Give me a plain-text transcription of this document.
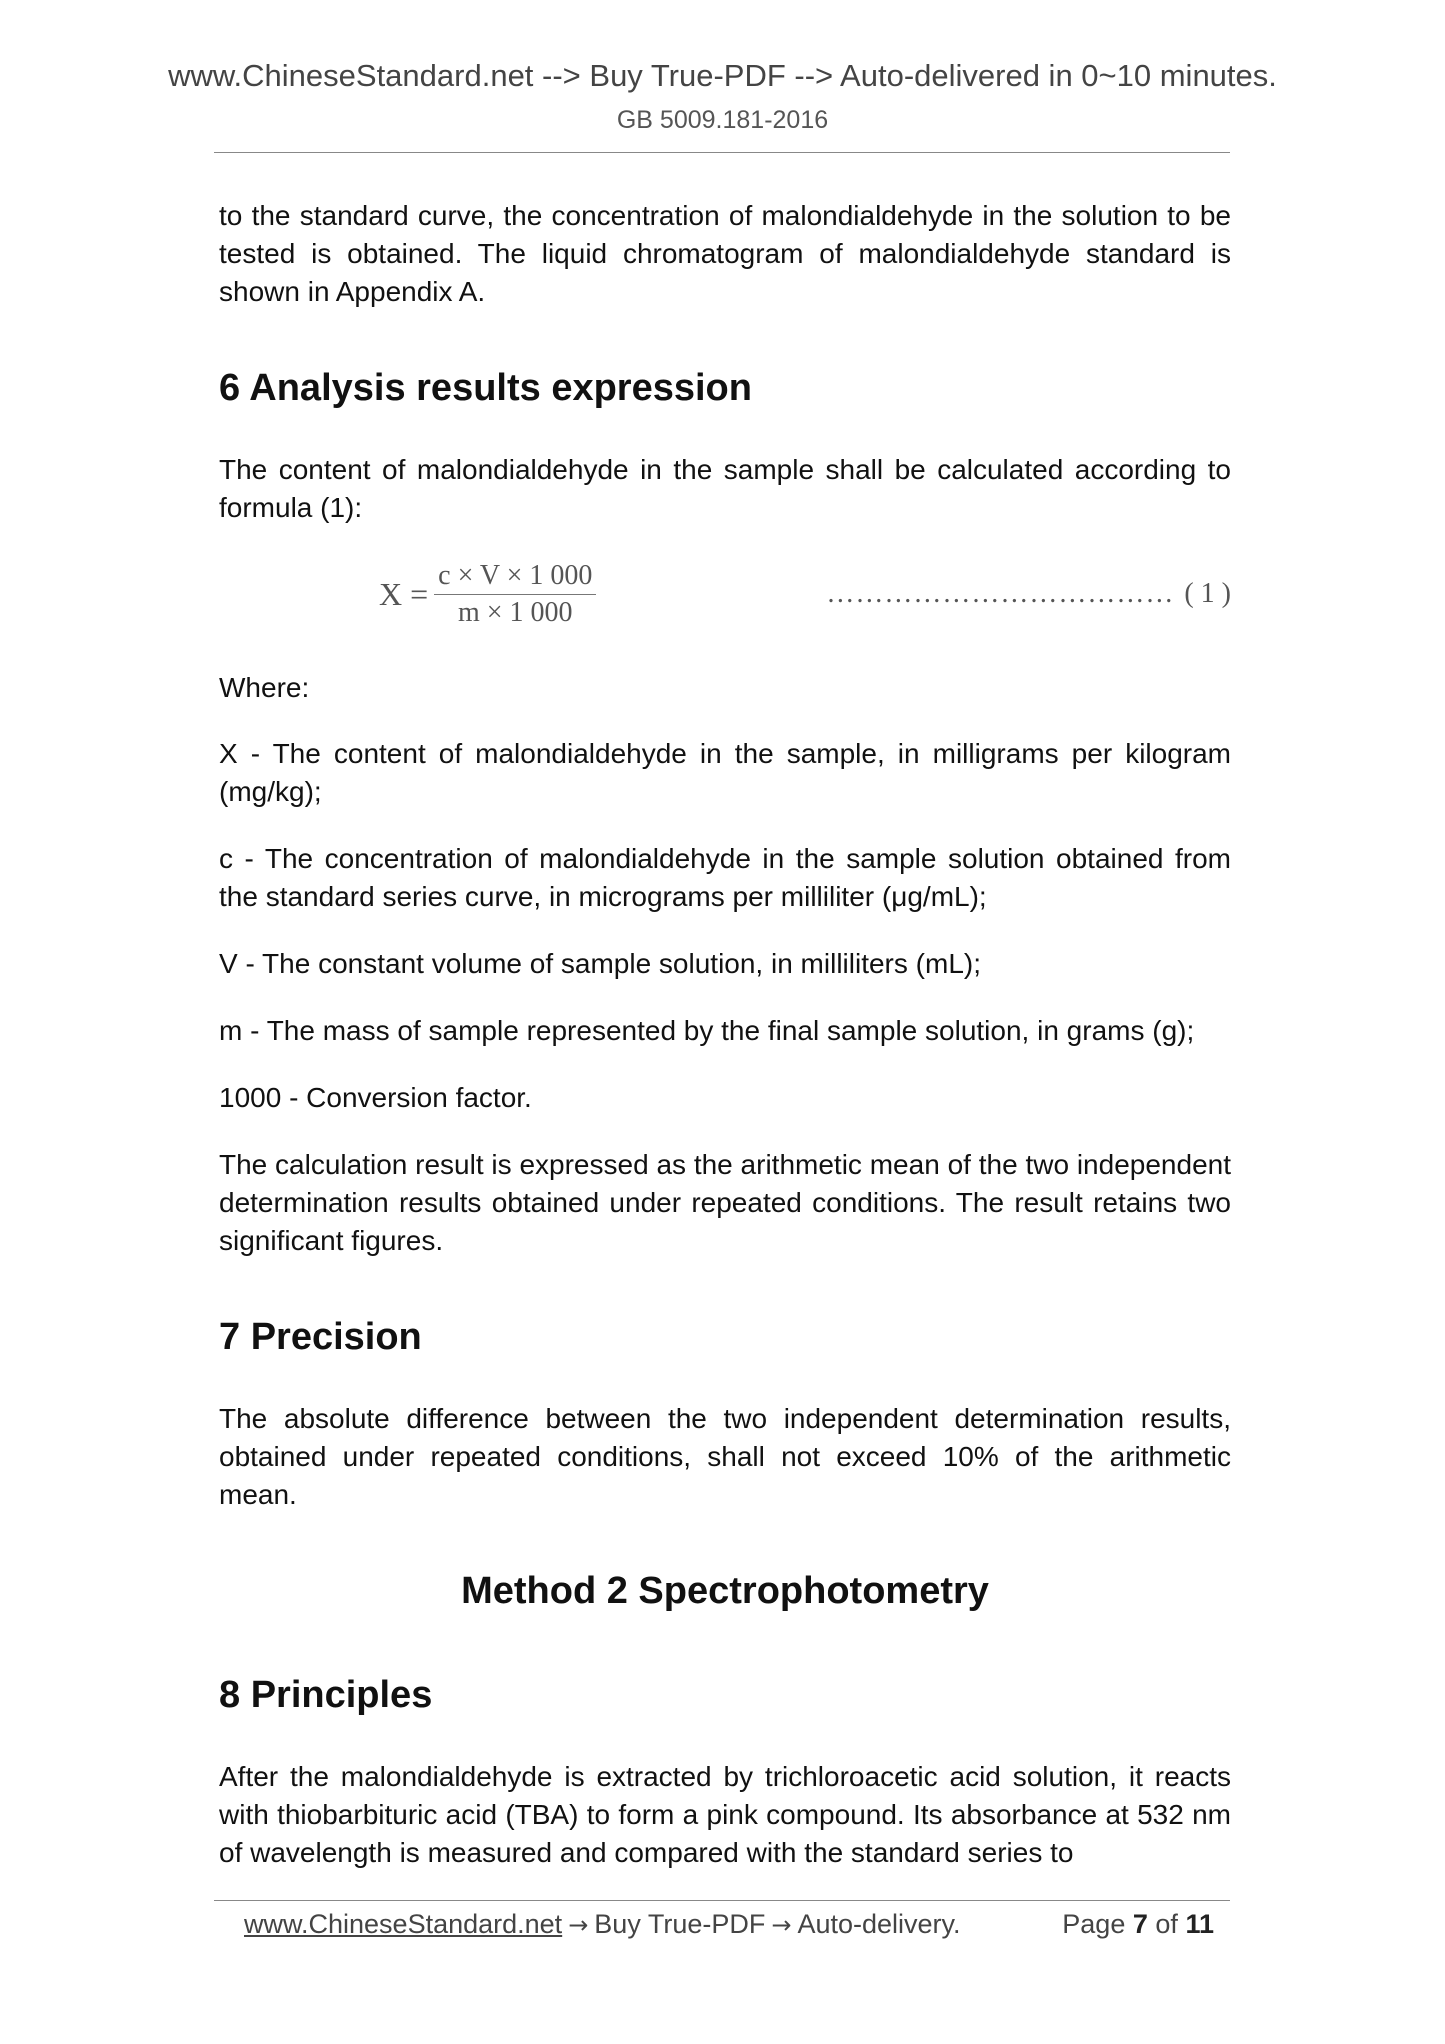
www.ChineseStandard.net --> Buy True-PDF --> Auto-delivered in 0~10 minutes.
GB 5009.181-2016

to the standard curve, the concentration of malondialdehyde in the solution to be tested is obtained. The liquid chromatogram of malondialdehyde standard is shown in Appendix A.

6 Analysis results expression

The content of malondialdehyde in the sample shall be calculated according to formula (1):

$X = \frac{c \times V \times 1 000}{m \times 1 000}$	……………………………… ( 1 )

Where:

X - The content of malondialdehyde in the sample, in milligrams per kilogram (mg/kg);

c - The concentration of malondialdehyde in the sample solution obtained from the standard series curve, in micrograms per milliliter (μg/mL);

V - The constant volume of sample solution, in milliliters (mL);

m - The mass of sample represented by the final sample solution, in grams (g);

1000 - Conversion factor.

The calculation result is expressed as the arithmetic mean of the two independent determination results obtained under repeated conditions. The result retains two significant figures.

7 Precision

The absolute difference between the two independent determination results, obtained under repeated conditions, shall not exceed 10% of the arithmetic mean.

Method 2 Spectrophotometry
8 Principles

After the malondialdehyde is extracted by trichloroacetic acid solution, it reacts with thiobarbituric acid (TBA) to form a pink compound. Its absorbance at 532 nm of wavelength is measured and compared with the standard series to

www.ChineseStandard.net → Buy True-PDF → Auto-delivery.	Page 7 of 11
